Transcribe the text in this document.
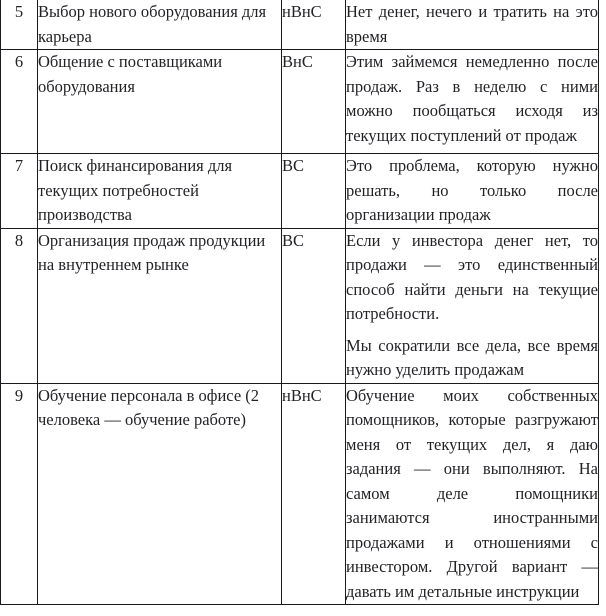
5	Выбор нового оборудования для карьера	нВнС	Нет денег, нечего и тратить на это время

6	Общение с поставщиками оборудования	ВнС	Этим займемся немедленно после продаж. Раз в неделю с ними можно пообщаться исходя из текущих поступлений от продаж

7	Поиск финансирования для текущих потребностей производства	ВС	Это проблема, которую нужно решать, но только после организации продаж

8	Организация продаж продукции на внутреннем рынке	ВС	Если у инвестора денег нет, то продажи — это единственный способ найти деньги на текущие потребности.

Мы сократили все дела, все время нужно уделить продажам

9	Обучение персонала в офисе (2 человека — обучение работе)	нВнС	Обучение моих собственных помощников, которые разгружают меня от текущих дел, я даю задания — они выполняют. На самом деле помощники занимаются иностранными продажами и отношениями с инвестором. Другой вариант — давать им детальные инструкции
